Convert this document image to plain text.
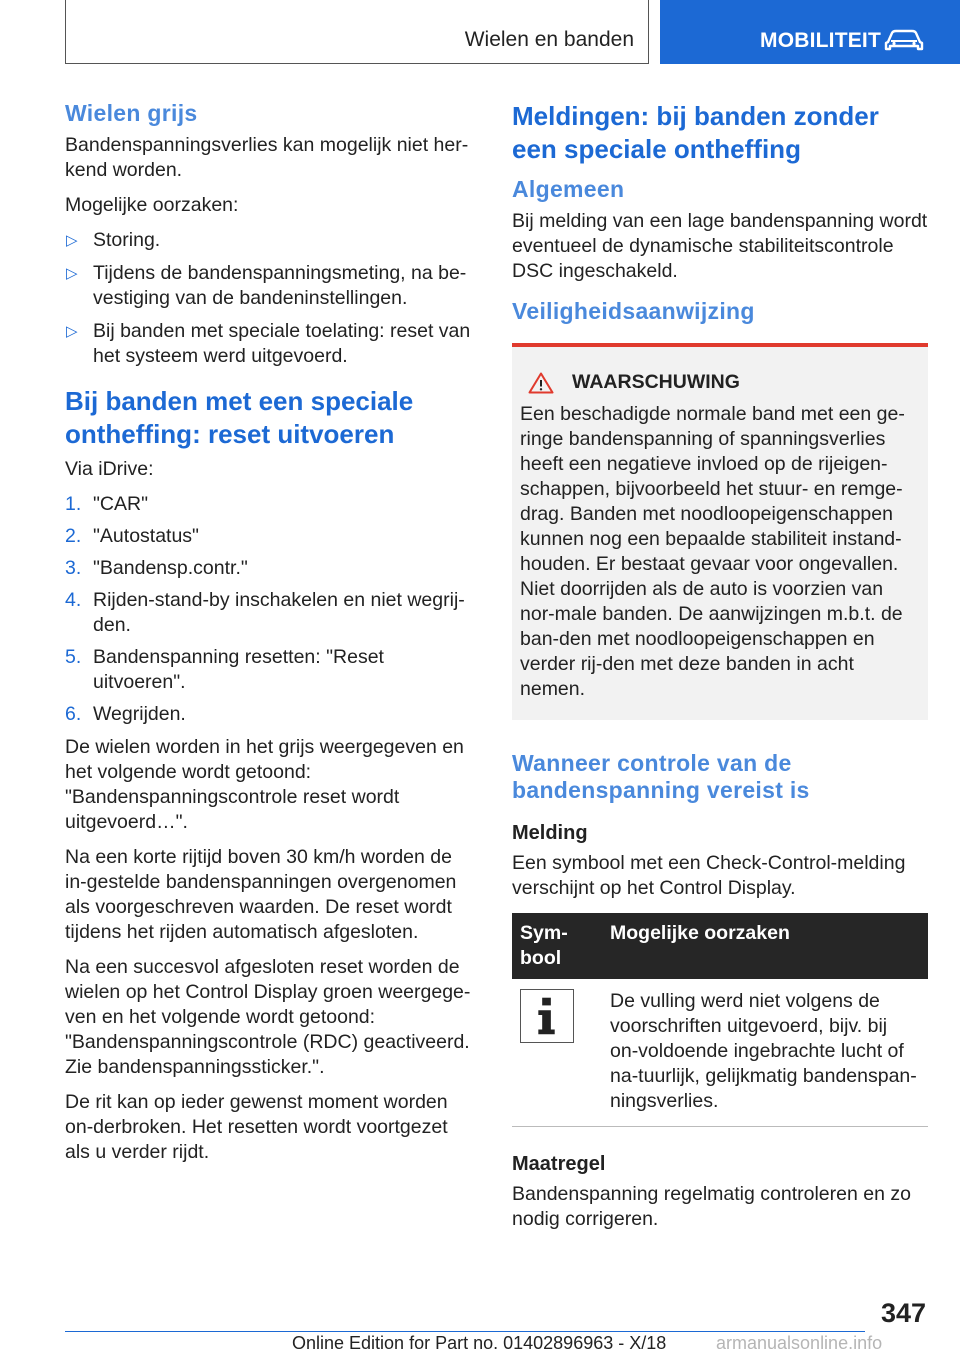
Wielen en banden	MOBILITEIT
Wielen grijs

Bandenspanningsverlies kan mogelijk niet her-kend worden.

Mogelijke oorzaken:

▷ Storing.
▷ Tijdens de bandenspanningsmeting, na be-vestiging van de bandeninstellingen.
▷ Bij banden met speciale toelating: reset van het systeem werd uitgevoerd.
Bij banden met een speciale ontheffing: reset uitvoeren

Via iDrive:

1. "CAR"
2. "Autostatus"
3. "Bandensp.contr."
4. Rijden-stand-by inschakelen en niet wegrij-den.
5. Bandenspanning resetten: "Reset uitvoeren".
6. Wegrijden.

De wielen worden in het grijs weergegeven en het volgende wordt getoond: "Bandenspanningscontrole reset wordt uitgevoerd…".

Na een korte rijtijd boven 30 km/h worden de in-gestelde bandenspanningen overgenomen als voorgeschreven waarden. De reset wordt tijdens het rijden automatisch afgesloten.

Na een succesvol afgesloten reset worden de wielen op het Control Display groen weergege-ven en het volgende wordt getoond: "Bandenspanningscontrole (RDC) geactiveerd. Zie bandenspanningssticker.".

De rit kan op ieder gewenst moment worden on-derbroken. Het resetten wordt voortgezet als u verder rijdt.

Meldingen: bij banden zonder een speciale ontheffing
Algemeen

Bij melding van een lage bandenspanning wordt eventueel de dynamische stabiliteitscontrole DSC ingeschakeld.

Veiligheidsaanwijzing
WAARSCHUWING

Een beschadigde normale band met een ge-ringe bandenspanning of spanningsverlies heeft een negatieve invloed op de rijeigen-schappen, bijvoorbeeld het stuur- en remge-drag. Banden met noodloopeigenschappen kunnen nog een bepaalde stabiliteit instand-houden. Er bestaat gevaar voor ongevallen. Niet doorrijden als de auto is voorzien van nor-male banden. De aanwijzingen m.b.t. de ban-den met noodloopeigenschappen en verder rij-den met deze banden in acht nemen.

Wanneer controle van de bandenspanning vereist is
Melding

Een symbool met een Check-Control-melding verschijnt op het Control Display.

Sym-bool	Mogelijke oorzaken

	De vulling werd niet volgens de voorschriften uitgevoerd, bijv. bij on-voldoende ingebrachte lucht of na-tuurlijk, gelijkmatig bandenspan-ningsverlies.
Maatregel

Bandenspanning regelmatig controleren en zo nodig corrigeren.

347
Online Edition for Part no. 01402896963 - X/18	armanualsonline.info
